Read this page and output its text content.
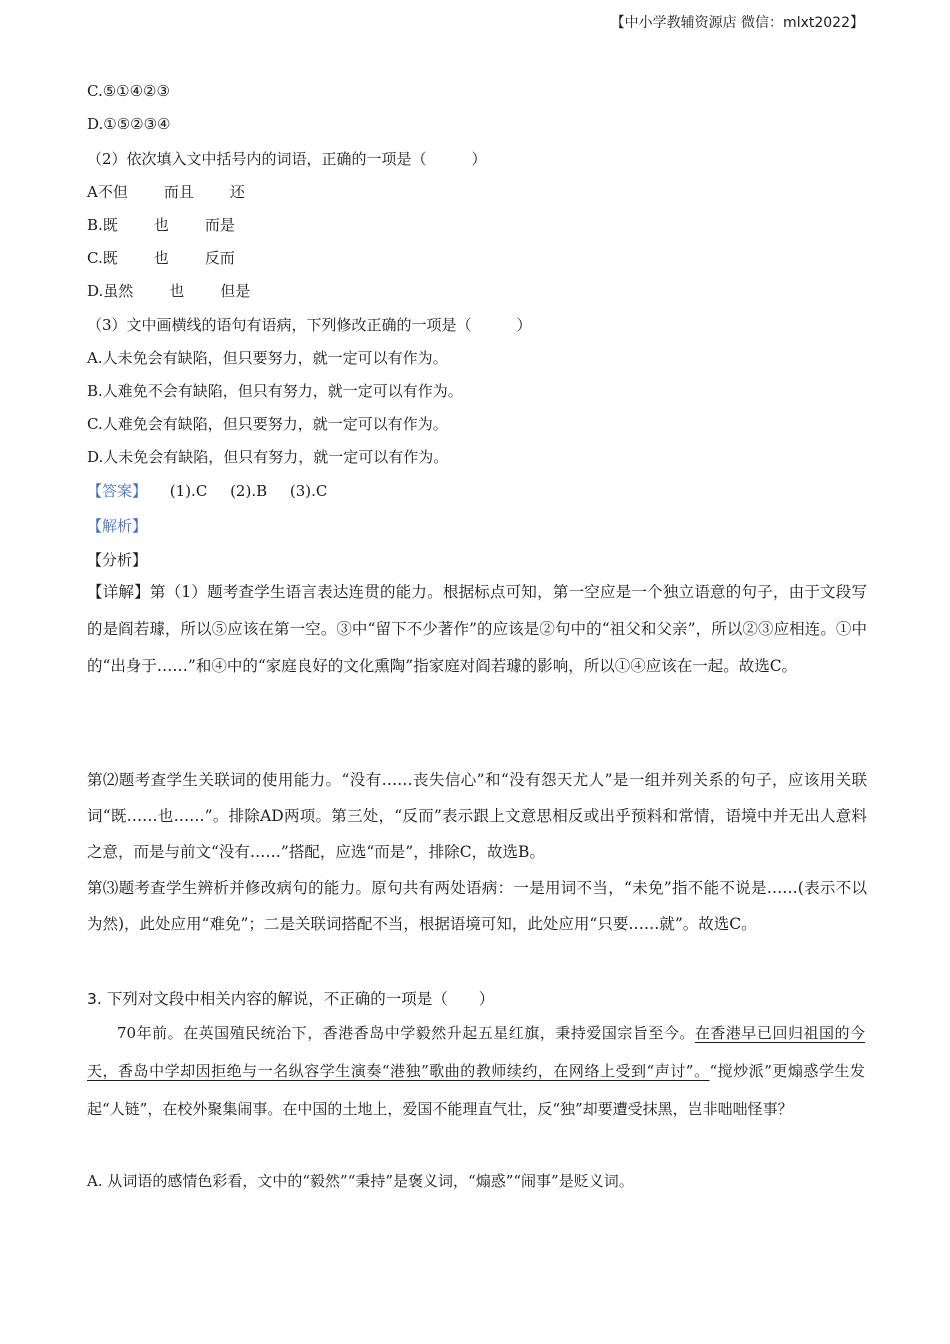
【中小学教辅资源店 微信：mlxt2022】
C.⑤①④②③
D.①⑤②③④
（2）依次填入文中括号内的词语，正确的一项是（　　　）
A不但 而且 还
B.既 也 而是
C.既 也 反而
D.虽然 也 但是
（3）文中画横线的语句有语病，下列修改正确的一项是（　　　）
A.人未免会有缺陷，但只要努力，就一定可以有作为。
B.人难免不会有缺陷，但只有努力，就一定可以有作为。
C.人难免会有缺陷，但只要努力，就一定可以有作为。
D.人未免会有缺陷，但只有努力，就一定可以有作为。
【答案】 (1).C (2).B (3).C
【解析】
【分析】
【详解】第（1）题考查学生语言表达连贯的能力。根据标点可知，第一空应是一个独立语意的句子，由于文段写的是阎若璩，所以⑤应该在第一空。③中“留下不少著作”的应该是②句中的“祖父和父亲”，所以②③应相连。①中的“出身于……”和④中的“家庭良好的文化熏陶”指家庭对阎若璩的影响，所以①④应该在一起。故选C。
第⑵题考查学生关联词的使用能力。“没有……丧失信心”和“没有怨天尤人”是一组并列关系的句子，应该用关联词“既……也……”。排除AD两项。第三处，“反而”表示跟上文意思相反或出乎预料和常情，语境中并无出人意料之意，而是与前文“没有……”搭配，应选“而是”，排除C，故选B。
第⑶题考查学生辨析并修改病句的能力。原句共有两处语病：一是用词不当，“未免”指不能不说是……(表示不以为然)，此处应用“难免”；二是关联词搭配不当，根据语境可知，此处应用“只要……就”。故选C。
3. 下列对文段中相关内容的解说，不正确的一项是（　　）
70年前。在英国殖民统治下，香港香岛中学毅然升起五星红旗，秉持爱国宗旨至今。在香港早已回归祖国的今天，香岛中学却因拒绝与一名纵容学生演奏“港独”歌曲的教师续约，在网络上受到“声讨”。“搅炒派”更煽惑学生发起“人链”，在校外聚集闹事。在中国的土地上，爱国不能理直气壮，反“独”却要遭受抹黑，岂非咄咄怪事？
A. 从词语的感情色彩看，文中的“毅然”“秉持”是褒义词，“煽惑”“闹事”是贬义词。
